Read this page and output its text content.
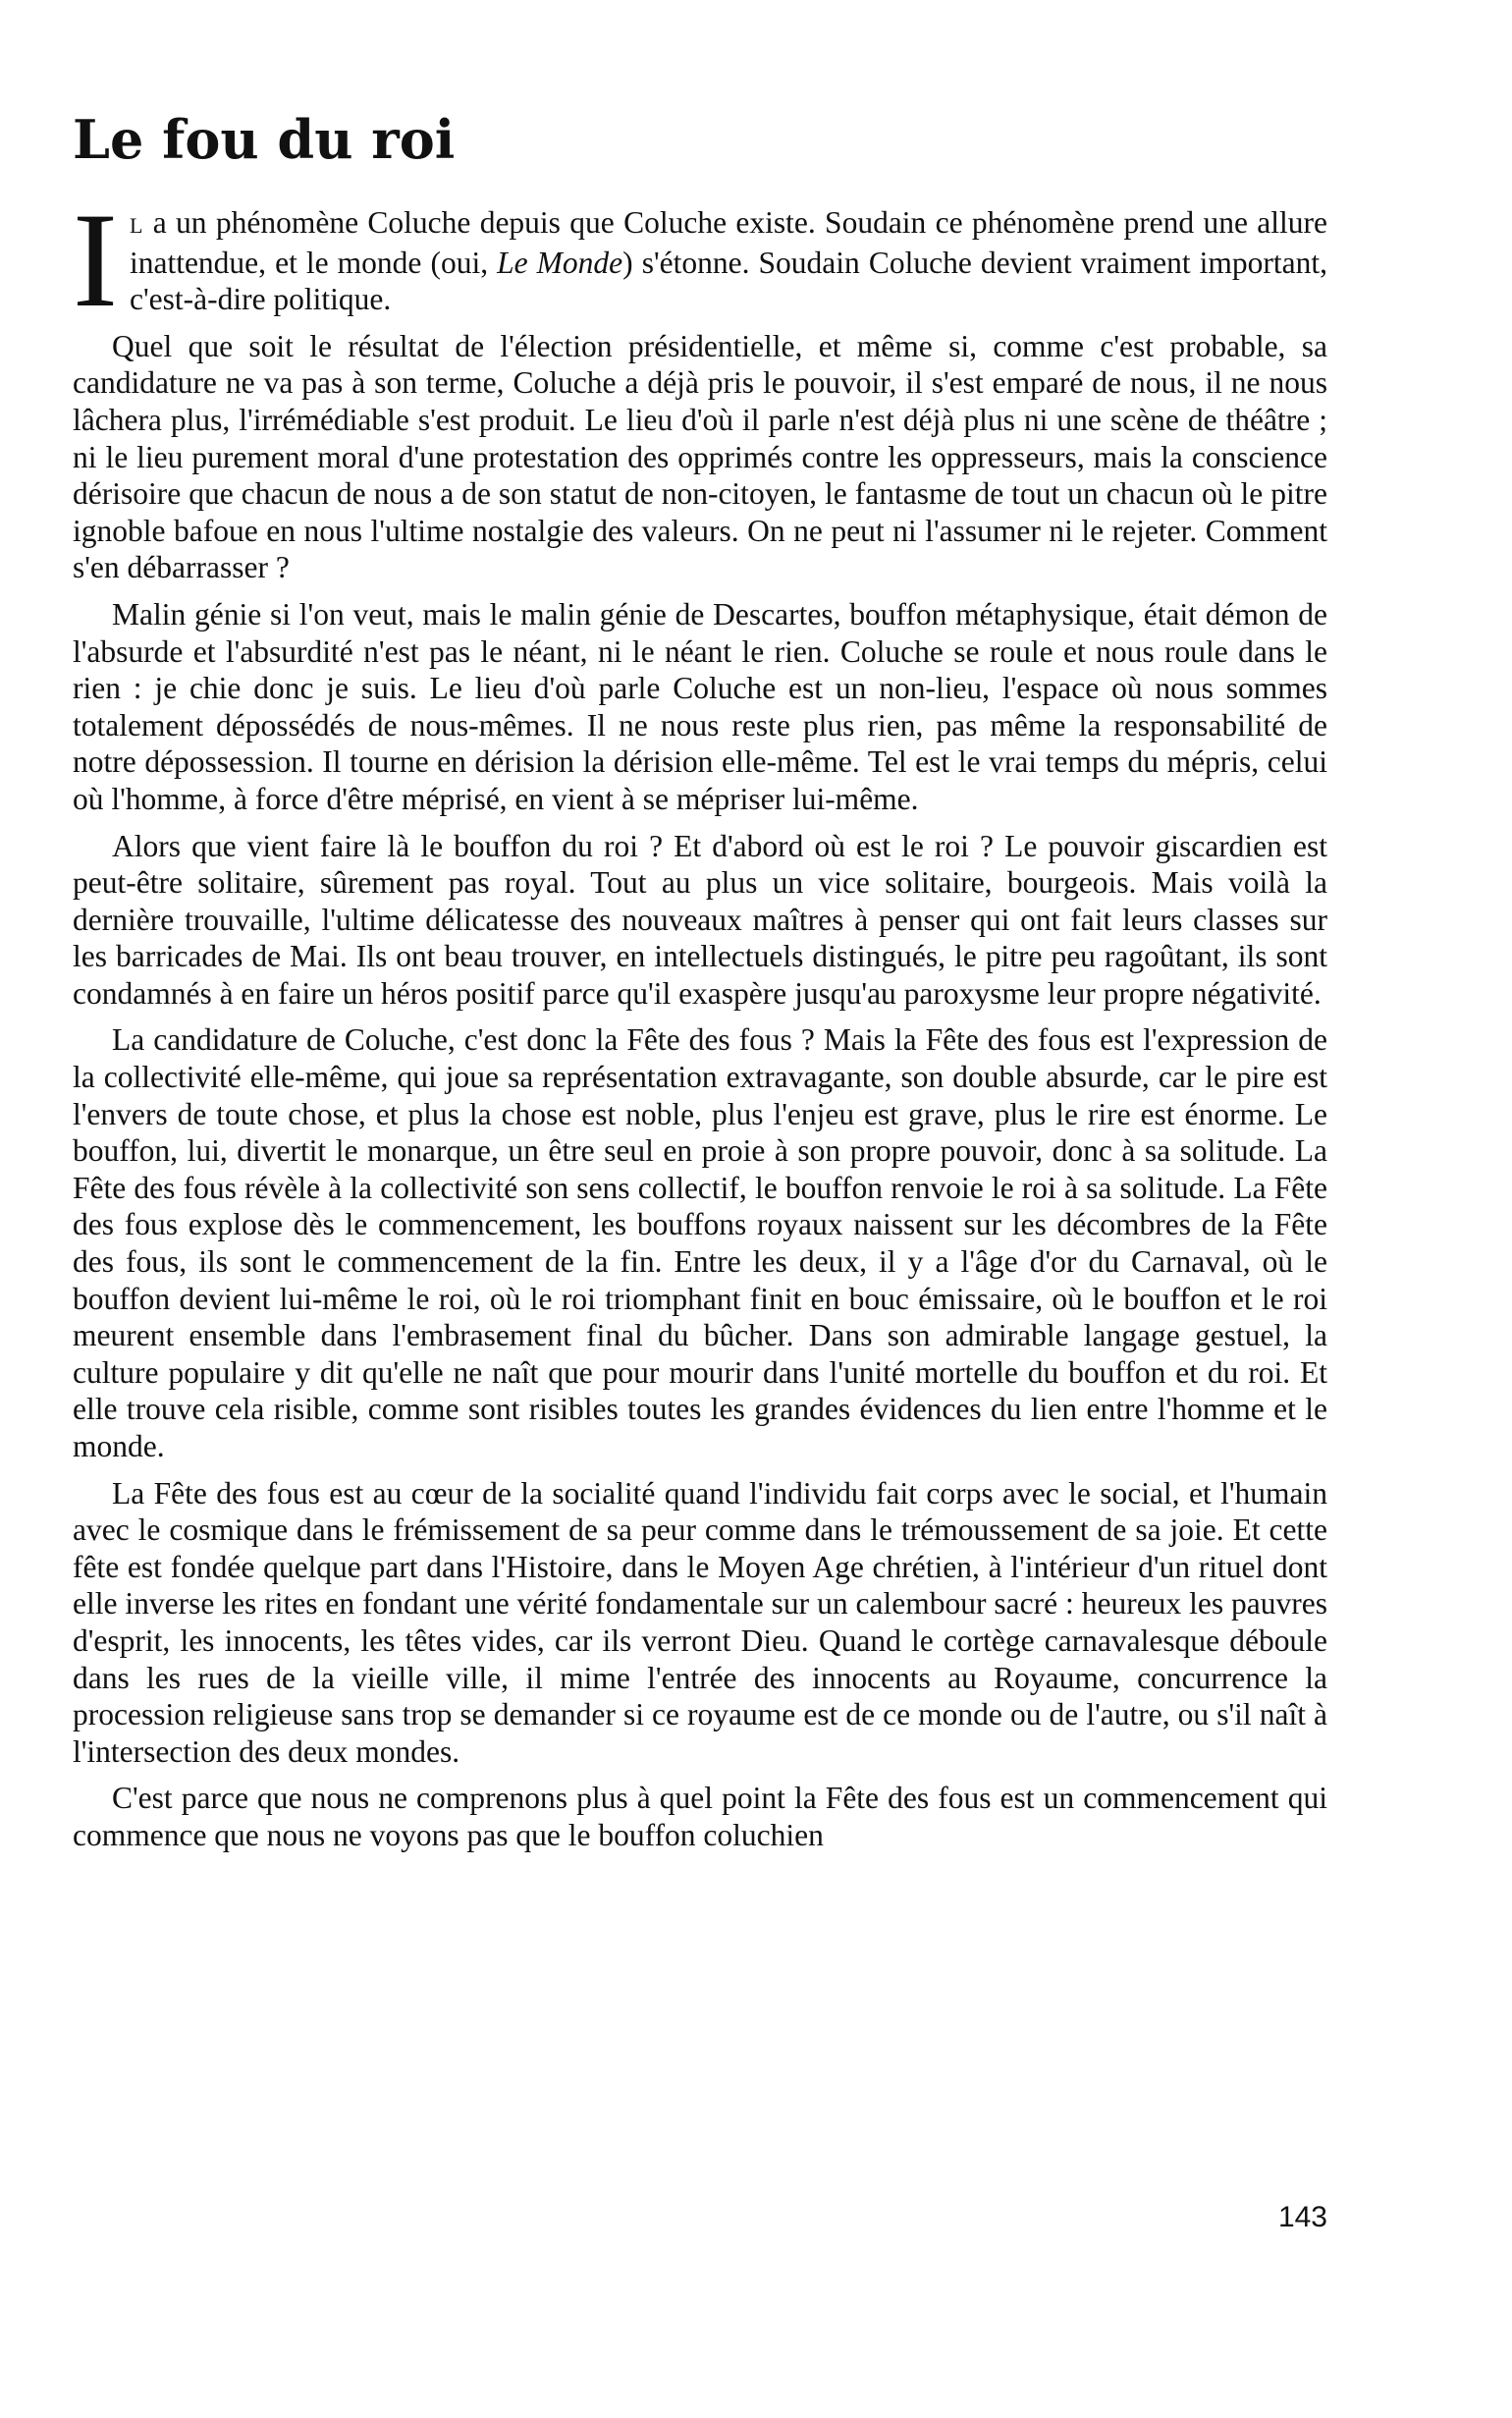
Le fou du roi

I L a un phénomène Coluche depuis que Coluche existe. Soudain ce phénomène prend une allure inattendue, et le monde (oui, Le Monde) s'étonne. Soudain Coluche devient vraiment important, c'est-à-dire politique.

Quel que soit le résultat de l'élection présidentielle, et même si, comme c'est probable, sa candidature ne va pas à son terme, Coluche a déjà pris le pouvoir, il s'est emparé de nous, il ne nous lâchera plus, l'irrémédiable s'est produit. Le lieu d'où il parle n'est déjà plus ni une scène de théâtre ; ni le lieu purement moral d'une protestation des opprimés contre les oppresseurs, mais la conscience dérisoire que chacun de nous a de son statut de non-citoyen, le fantasme de tout un chacun où le pitre ignoble bafoue en nous l'ultime nostalgie des valeurs. On ne peut ni l'assumer ni le rejeter. Comment s'en débarrasser ?

Malin génie si l'on veut, mais le malin génie de Descartes, bouffon métaphysique, était démon de l'absurde et l'absurdité n'est pas le néant, ni le néant le rien. Coluche se roule et nous roule dans le rien : je chie donc je suis. Le lieu d'où parle Coluche est un non-lieu, l'espace où nous sommes totalement dépossédés de nous-mêmes. Il ne nous reste plus rien, pas même la responsabilité de notre dépossession. Il tourne en dérision la dérision elle-même. Tel est le vrai temps du mépris, celui où l'homme, à force d'être méprisé, en vient à se mépriser lui-même.

Alors que vient faire là le bouffon du roi ? Et d'abord où est le roi ? Le pouvoir giscardien est peut-être solitaire, sûrement pas royal. Tout au plus un vice solitaire, bourgeois. Mais voilà la dernière trouvaille, l'ultime délicatesse des nouveaux maîtres à penser qui ont fait leurs classes sur les barricades de Mai. Ils ont beau trouver, en intellectuels distingués, le pitre peu ragoûtant, ils sont condamnés à en faire un héros positif parce qu'il exaspère jusqu'au paroxysme leur propre négativité.

La candidature de Coluche, c'est donc la Fête des fous ? Mais la Fête des fous est l'expression de la collectivité elle-même, qui joue sa représentation extravagante, son double absurde, car le pire est l'envers de toute chose, et plus la chose est noble, plus l'enjeu est grave, plus le rire est énorme. Le bouffon, lui, divertit le monarque, un être seul en proie à son propre pouvoir, donc à sa solitude. La Fête des fous révèle à la collectivité son sens collectif, le bouffon renvoie le roi à sa solitude. La Fête des fous explose dès le commencement, les bouffons royaux naissent sur les décombres de la Fête des fous, ils sont le commencement de la fin. Entre les deux, il y a l'âge d'or du Carnaval, où le bouffon devient lui-même le roi, où le roi triomphant finit en bouc émissaire, où le bouffon et le roi meurent ensemble dans l'embrasement final du bûcher. Dans son admirable langage gestuel, la culture populaire y dit qu'elle ne naît que pour mourir dans l'unité mortelle du bouffon et du roi. Et elle trouve cela risible, comme sont risibles toutes les grandes évidences du lien entre l'homme et le monde.

La Fête des fous est au cœur de la socialité quand l'individu fait corps avec le social, et l'humain avec le cosmique dans le frémissement de sa peur comme dans le trémoussement de sa joie. Et cette fête est fondée quelque part dans l'Histoire, dans le Moyen Age chrétien, à l'intérieur d'un rituel dont elle inverse les rites en fondant une vérité fondamentale sur un calembour sacré : heureux les pauvres d'esprit, les innocents, les têtes vides, car ils verront Dieu. Quand le cortège carnavalesque déboule dans les rues de la vieille ville, il mime l'entrée des innocents au Royaume, concurrence la procession religieuse sans trop se demander si ce royaume est de ce monde ou de l'autre, ou s'il naît à l'intersection des deux mondes.

C'est parce que nous ne comprenons plus à quel point la Fête des fous est un commencement qui commence que nous ne voyons pas que le bouffon coluchien

143
